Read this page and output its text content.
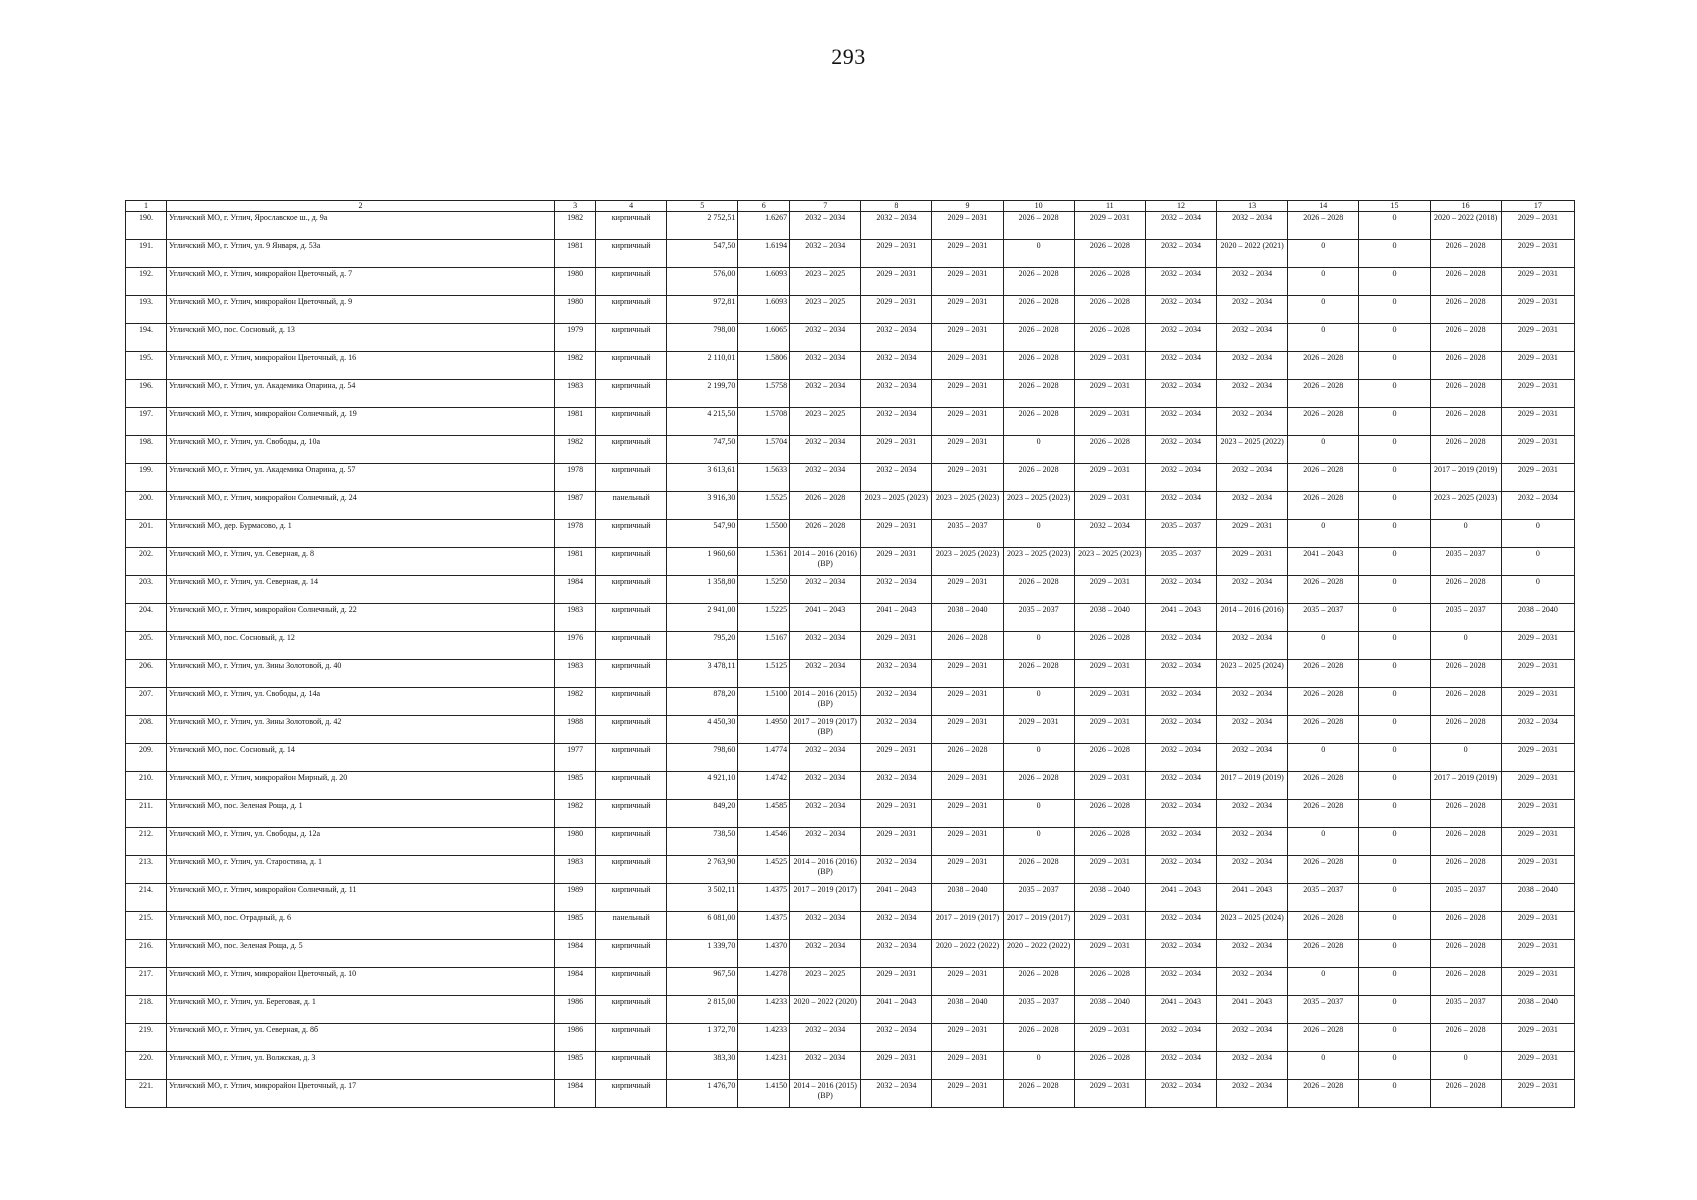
293
1	2	3	4	5	6	7	8	9	10	11	12	13	14	15	16	17
190.	Угличский МО, г. Углич, Ярославское ш., д. 9а	1982	кирпичный	2 752,51	1.6267	2032 – 2034	2032 – 2034	2029 – 2031	2026 – 2028	2029 – 2031	2032 – 2034	2032 – 2034	2026 – 2028	0	2020 – 2022 (2018)	2029 – 2031
191.	Угличский МО, г. Углич, ул. 9 Января, д. 53а	1981	кирпичный	547,50	1.6194	2032 – 2034	2029 – 2031	2029 – 2031	0	2026 – 2028	2032 – 2034	2020 – 2022 (2021)	0	0	2026 – 2028	2029 – 2031
192.	Угличский МО, г. Углич, микрорайон Цветочный, д. 7	1980	кирпичный	576,00	1.6093	2023 – 2025	2029 – 2031	2029 – 2031	2026 – 2028	2026 – 2028	2032 – 2034	2032 – 2034	0	0	2026 – 2028	2029 – 2031
193.	Угличский МО, г. Углич, микрорайон Цветочный, д. 9	1980	кирпичный	972,81	1.6093	2023 – 2025	2029 – 2031	2029 – 2031	2026 – 2028	2026 – 2028	2032 – 2034	2032 – 2034	0	0	2026 – 2028	2029 – 2031
194.	Угличский МО, пос. Сосновый, д. 13	1979	кирпичный	798,00	1.6065	2032 – 2034	2032 – 2034	2029 – 2031	2026 – 2028	2026 – 2028	2032 – 2034	2032 – 2034	0	0	2026 – 2028	2029 – 2031
195.	Угличский МО, г. Углич, микрорайон Цветочный, д. 16	1982	кирпичный	2 110,01	1.5806	2032 – 2034	2032 – 2034	2029 – 2031	2026 – 2028	2029 – 2031	2032 – 2034	2032 – 2034	2026 – 2028	0	2026 – 2028	2029 – 2031
196.	Угличский МО, г. Углич, ул. Академика Опарина, д. 54	1983	кирпичный	2 199,70	1.5758	2032 – 2034	2032 – 2034	2029 – 2031	2026 – 2028	2029 – 2031	2032 – 2034	2032 – 2034	2026 – 2028	0	2026 – 2028	2029 – 2031
197.	Угличский МО, г. Углич, микрорайон Солнечный, д. 19	1981	кирпичный	4 215,50	1.5708	2023 – 2025	2032 – 2034	2029 – 2031	2026 – 2028	2029 – 2031	2032 – 2034	2032 – 2034	2026 – 2028	0	2026 – 2028	2029 – 2031
198.	Угличский МО, г. Углич, ул. Свободы, д. 10а	1982	кирпичный	747,50	1.5704	2032 – 2034	2029 – 2031	2029 – 2031	0	2026 – 2028	2032 – 2034	2023 – 2025 (2022)	0	0	2026 – 2028	2029 – 2031
199.	Угличский МО, г. Углич, ул. Академика Опарина, д. 57	1978	кирпичный	3 613,61	1.5633	2032 – 2034	2032 – 2034	2029 – 2031	2026 – 2028	2029 – 2031	2032 – 2034	2032 – 2034	2026 – 2028	0	2017 – 2019 (2019)	2029 – 2031
200.	Угличский МО, г. Углич, микрорайон Солнечный, д. 24	1987	панельный	3 916,30	1.5525	2026 – 2028	2023 – 2025 (2023)	2023 – 2025 (2023)	2023 – 2025 (2023)	2029 – 2031	2032 – 2034	2032 – 2034	2026 – 2028	0	2023 – 2025 (2023)	2032 – 2034
201.	Угличский МО, дер. Бурмасово, д. 1	1978	кирпичный	547,90	1.5500	2026 – 2028	2029 – 2031	2035 – 2037	0	2032 – 2034	2035 – 2037	2029 – 2031	0	0	0	0
202.	Угличский МО, г. Углич, ул. Северная, д. 8	1981	кирпичный	1 960,60	1.5361	2014 – 2016 (2016) (ВР)	2029 – 2031	2023 – 2025 (2023)	2023 – 2025 (2023)	2023 – 2025 (2023)	2035 – 2037	2029 – 2031	2041 – 2043	0	2035 – 2037	0
203.	Угличский МО, г. Углич, ул. Северная, д. 14	1984	кирпичный	1 358,80	1.5250	2032 – 2034	2032 – 2034	2029 – 2031	2026 – 2028	2029 – 2031	2032 – 2034	2032 – 2034	2026 – 2028	0	2026 – 2028	0
204.	Угличский МО, г. Углич, микрорайон Солнечный, д. 22	1983	кирпичный	2 941,00	1.5225	2041 – 2043	2041 – 2043	2038 – 2040	2035 – 2037	2038 – 2040	2041 – 2043	2014 – 2016 (2016)	2035 – 2037	0	2035 – 2037	2038 – 2040
205.	Угличский МО, пос. Сосновый, д. 12	1976	кирпичный	795,20	1.5167	2032 – 2034	2029 – 2031	2026 – 2028	0	2026 – 2028	2032 – 2034	2032 – 2034	0	0	0	2029 – 2031
206.	Угличский МО, г. Углич, ул. Зины Золотовой, д. 40	1983	кирпичный	3 478,11	1.5125	2032 – 2034	2032 – 2034	2029 – 2031	2026 – 2028	2029 – 2031	2032 – 2034	2023 – 2025 (2024)	2026 – 2028	0	2026 – 2028	2029 – 2031
207.	Угличский МО, г. Углич, ул. Свободы, д. 14а	1982	кирпичный	878,20	1.5100	2014 – 2016 (2015) (ВР)	2032 – 2034	2029 – 2031	0	2029 – 2031	2032 – 2034	2032 – 2034	2026 – 2028	0	2026 – 2028	2029 – 2031
208.	Угличский МО, г. Углич, ул. Зины Золотовой, д. 42	1988	кирпичный	4 450,30	1.4950	2017 – 2019 (2017) (ВР)	2032 – 2034	2029 – 2031	2029 – 2031	2029 – 2031	2032 – 2034	2032 – 2034	2026 – 2028	0	2026 – 2028	2032 – 2034
209.	Угличский МО, пос. Сосновый, д. 14	1977	кирпичный	798,60	1.4774	2032 – 2034	2029 – 2031	2026 – 2028	0	2026 – 2028	2032 – 2034	2032 – 2034	0	0	0	2029 – 2031
210.	Угличский МО, г. Углич, микрорайон Мирный, д. 20	1985	кирпичный	4 921,10	1.4742	2032 – 2034	2032 – 2034	2029 – 2031	2026 – 2028	2029 – 2031	2032 – 2034	2017 – 2019 (2019)	2026 – 2028	0	2017 – 2019 (2019)	2029 – 2031
211.	Угличский МО, пос. Зеленая Роща, д. 1	1982	кирпичный	849,20	1.4585	2032 – 2034	2029 – 2031	2029 – 2031	0	2026 – 2028	2032 – 2034	2032 – 2034	2026 – 2028	0	2026 – 2028	2029 – 2031
212.	Угличский МО, г. Углич, ул. Свободы, д. 12а	1980	кирпичный	738,50	1.4546	2032 – 2034	2029 – 2031	2029 – 2031	0	2026 – 2028	2032 – 2034	2032 – 2034	0	0	2026 – 2028	2029 – 2031
213.	Угличский МО, г. Углич, ул. Старостина, д. 1	1983	кирпичный	2 763,90	1.4525	2014 – 2016 (2016) (ВР)	2032 – 2034	2029 – 2031	2026 – 2028	2029 – 2031	2032 – 2034	2032 – 2034	2026 – 2028	0	2026 – 2028	2029 – 2031
214.	Угличский МО, г. Углич, микрорайон Солнечный, д. 11	1989	кирпичный	3 502,11	1.4375	2017 – 2019 (2017)	2041 – 2043	2038 – 2040	2035 – 2037	2038 – 2040	2041 – 2043	2041 – 2043	2035 – 2037	0	2035 – 2037	2038 – 2040
215.	Угличский МО, пос. Отрадный, д. 6	1985	панельный	6 081,00	1.4375	2032 – 2034	2032 – 2034	2017 – 2019 (2017)	2017 – 2019 (2017)	2029 – 2031	2032 – 2034	2023 – 2025 (2024)	2026 – 2028	0	2026 – 2028	2029 – 2031
216.	Угличский МО, пос. Зеленая Роща, д. 5	1984	кирпичный	1 339,70	1.4370	2032 – 2034	2032 – 2034	2020 – 2022 (2022)	2020 – 2022 (2022)	2029 – 2031	2032 – 2034	2032 – 2034	2026 – 2028	0	2026 – 2028	2029 – 2031
217.	Угличский МО, г. Углич, микрорайон Цветочный, д. 10	1984	кирпичный	967,50	1.4278	2023 – 2025	2029 – 2031	2029 – 2031	2026 – 2028	2026 – 2028	2032 – 2034	2032 – 2034	0	0	2026 – 2028	2029 – 2031
218.	Угличский МО, г. Углич, ул. Береговая, д. 1	1986	кирпичный	2 815,00	1.4233	2020 – 2022 (2020)	2041 – 2043	2038 – 2040	2035 – 2037	2038 – 2040	2041 – 2043	2041 – 2043	2035 – 2037	0	2035 – 2037	2038 – 2040
219.	Угличский МО, г. Углич, ул. Северная, д. 8б	1986	кирпичный	1 372,70	1.4233	2032 – 2034	2032 – 2034	2029 – 2031	2026 – 2028	2029 – 2031	2032 – 2034	2032 – 2034	2026 – 2028	0	2026 – 2028	2029 – 2031
220.	Угличский МО, г. Углич, ул. Волжская, д. 3	1985	кирпичный	383,30	1.4231	2032 – 2034	2029 – 2031	2029 – 2031	0	2026 – 2028	2032 – 2034	2032 – 2034	0	0	0	2029 – 2031
221.	Угличский МО, г. Углич, микрорайон Цветочный, д. 17	1984	кирпичный	1 476,70	1.4150	2014 – 2016 (2015) (ВР)	2032 – 2034	2029 – 2031	2026 – 2028	2029 – 2031	2032 – 2034	2032 – 2034	2026 – 2028	0	2026 – 2028	2029 – 2031
